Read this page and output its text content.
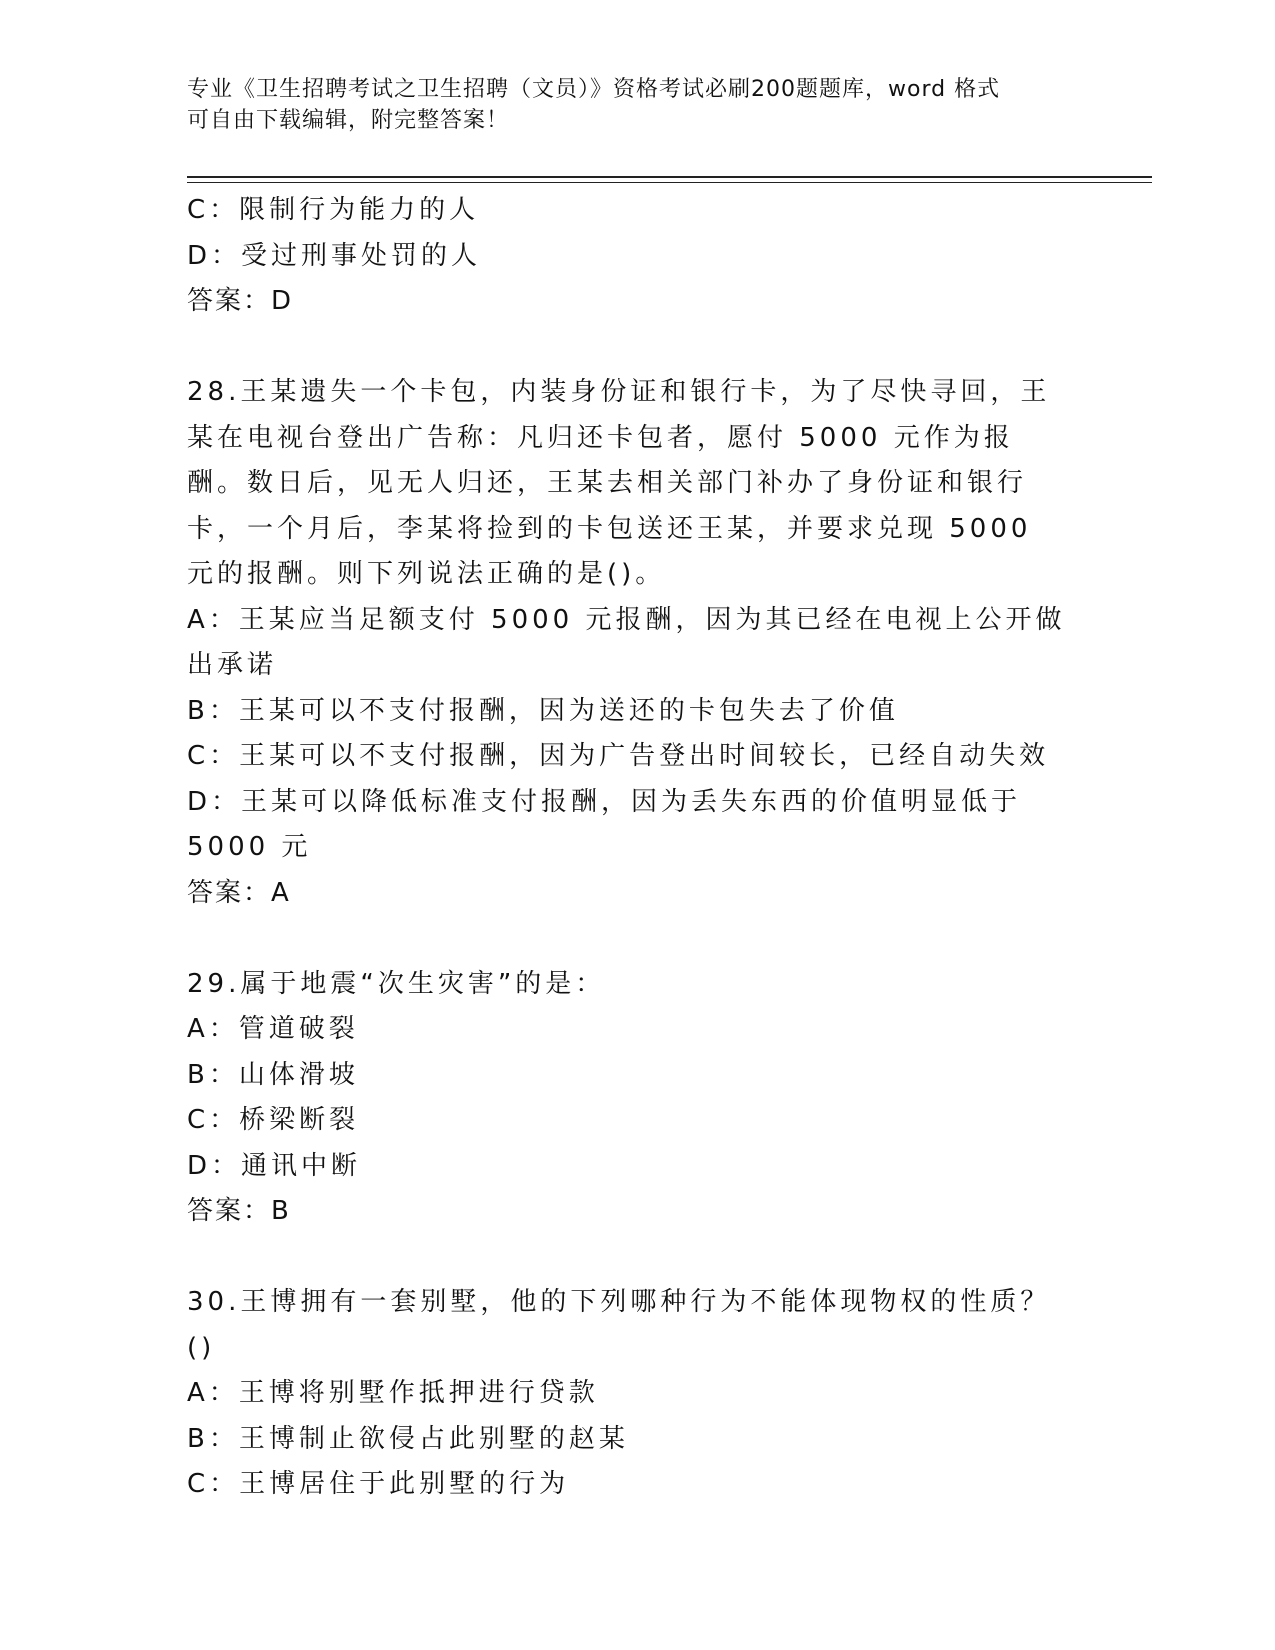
专业《卫生招聘考试之卫生招聘（文员）》资格考试必刷200题题库，word 格式
可自由下载编辑，附完整答案！

C：限制行为能力的人

D：受过刑事处罚的人

答案：D

28.王某遗失一个卡包，内装身份证和银行卡，为了尽快寻回，王某在电视台登出广告称：凡归还卡包者，愿付 5000 元作为报酬。数日后，见无人归还，王某去相关部门补办了身份证和银行卡，一个月后，李某将捡到的卡包送还王某，并要求兑现 5000 元的报酬。则下列说法正确的是()。

A：王某应当足额支付 5000 元报酬，因为其已经在电视上公开做出承诺

B：王某可以不支付报酬，因为送还的卡包失去了价值

C：王某可以不支付报酬，因为广告登出时间较长，已经自动失效

D：王某可以降低标准支付报酬，因为丢失东西的价值明显低于 5000 元

答案：A

29.属于地震“次生灾害”的是：

A：管道破裂

B：山体滑坡

C：桥梁断裂

D：通讯中断

答案：B

30.王博拥有一套别墅，他的下列哪种行为不能体现物权的性质？()

A：王博将别墅作抵押进行贷款

B：王博制止欲侵占此别墅的赵某

C：王博居住于此别墅的行为
